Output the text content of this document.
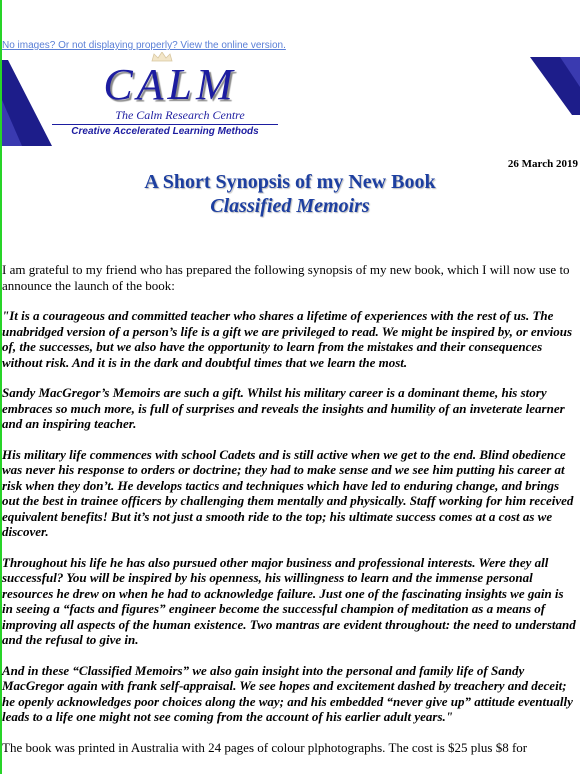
No images? Or not displaying properly? View the online version.
CALM
The Calm Research Centre
Creative Accelerated Learning Methods
26 March 2019
A Short Synopsis of my New Book
Classified Memoirs

I am grateful to my friend who has prepared the following synopsis of my new book, which I will now use to announce the launch of the book:

"It is a courageous and committed teacher who shares a lifetime of experiences with the rest of us. The unabridged version of a person’s life is a gift we are privileged to read. We might be inspired by, or envious of, the successes, but we also have the opportunity to learn from the mistakes and their consequences without risk. And it is in the dark and doubtful times that we learn the most.

Sandy MacGregor’s Memoirs are such a gift. Whilst his military career is a dominant theme, his story embraces so much more, is full of surprises and reveals the insights and humility of an inveterate learner and an inspiring teacher.

His military life commences with school Cadets and is still active when we get to the end. Blind obedience was never his response to orders or doctrine; they had to make sense and we see him putting his career at risk when they don’t. He develops tactics and techniques which have led to enduring change, and brings out the best in trainee officers by challenging them mentally and physically. Staff working for him received equivalent benefits! But it’s not just a smooth ride to the top; his ultimate success comes at a cost as we discover.

Throughout his life he has also pursued other major business and professional interests. Were they all successful? You will be inspired by his openness, his willingness to learn and the immense personal resources he drew on when he had to acknowledge failure. Just one of the fascinating insights we gain is in seeing a “facts and figures” engineer become the successful champion of meditation as a means of improving all aspects of the human existence. Two mantras are evident throughout: the need to understand and the refusal to give in.

And in these “Classified Memoirs” we also gain insight into the personal and family life of Sandy MacGregor again with frank self-appraisal. We see hopes and excitement dashed by treachery and deceit; he openly acknowledges poor choices along the way; and his embedded “never give up” attitude eventually leads to a life one might not see coming from the account of his earlier adult years."

The book was printed in Australia with 24 pages of colour plphotographs. The cost is $25 plus $8 for
